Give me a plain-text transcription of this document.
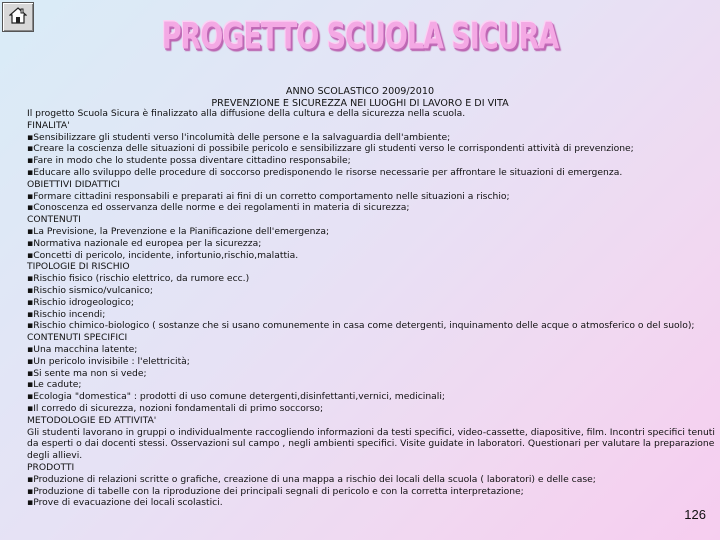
PROGETTO SCUOLA SICURA
ANNO SCOLASTICO 2009/2010
PREVENZIONE E SICUREZZA NEI LUOGHI DI LAVORO E DI VITA
Il progetto Scuola Sicura è finalizzato alla diffusione della cultura e della sicurezza nella scuola.
FINALITA'
▪Sensibilizzare gli studenti verso l'incolumità delle persone e la salvaguardia dell'ambiente;
▪Creare la coscienza delle situazioni di possibile pericolo e sensibilizzare gli studenti verso le corrispondenti attività di prevenzione;
▪Fare in modo che lo studente possa diventare cittadino responsabile;
▪Educare allo sviluppo delle procedure di soccorso predisponendo le risorse necessarie per affrontare le situazioni di emergenza.
OBIETTIVI DIDATTICI
▪Formare cittadini responsabili e preparati ai fini di un corretto comportamento nelle situazioni a rischio;
▪Conoscenza ed osservanza delle norme e dei regolamenti in materia di sicurezza;
CONTENUTI
▪La Previsione, la Prevenzione e la Pianificazione dell'emergenza;
▪Normativa nazionale ed europea per la sicurezza;
▪Concetti di pericolo, incidente, infortunio,rischio,malattia.
TIPOLOGIE DI RISCHIO
▪Rischio fisico (rischio elettrico, da rumore ecc.)
▪Rischio sismico/vulcanico;
▪Rischio idrogeologico;
▪Rischio incendi;
▪Rischio chimico-biologico ( sostanze che si usano comunemente in casa come detergenti, inquinamento delle acque o atmosferico o del suolo);
CONTENUTI SPECIFICI
▪Una macchina latente;
▪Un pericolo invisibile : l'elettricità;
▪Si sente ma non si vede;
▪Le cadute;
▪Ecologia "domestica" : prodotti di uso comune detergenti,disinfettanti,vernici, medicinali;
▪Il corredo di sicurezza, nozioni fondamentali di primo soccorso;
METODOLOGIE ED ATTIVITA'
Gli studenti lavorano in gruppi o individualmente raccogliendo informazioni da testi specifici, video-cassette, diapositive, film. Incontri specifici tenuti da esperti o dai docenti stessi. Osservazioni sul campo , negli ambienti specifici. Visite guidate in laboratori. Questionari per valutare la preparazione degli allievi.
PRODOTTI
▪Produzione di relazioni scritte o grafiche, creazione di una mappa a rischio dei locali della scuola ( laboratori) e delle case;
▪Produzione di tabelle con la riproduzione dei principali segnali di pericolo e con la corretta interpretazione;
▪Prove di evacuazione dei locali scolastici.
126
